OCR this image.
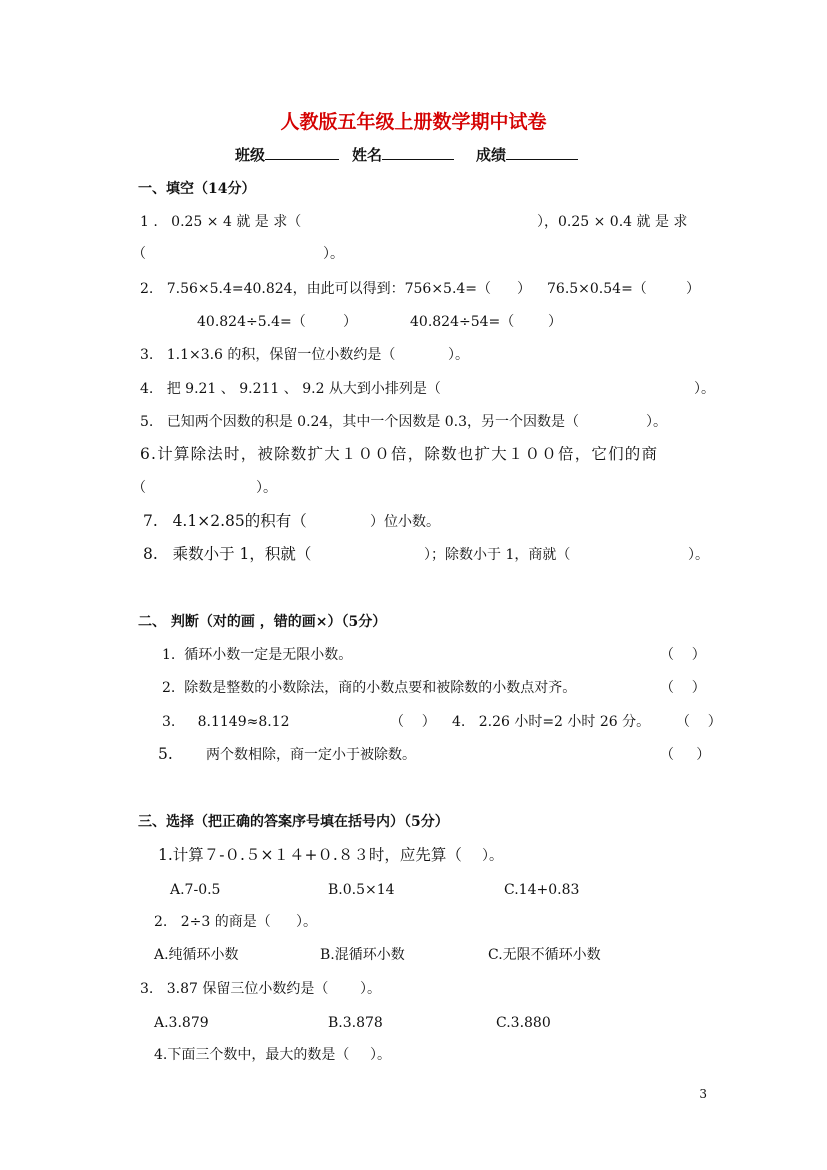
人教版五年级上册数学期中试卷
班级	姓名	成绩
一、填空（14分）
1 .   0.25 × 4 就 是 求（	），0.25 × 0.4 就 是 求
（	）。
2.   7.56×5.4=40.824，由此可以得到：756×5.4=（ ） 76.5×0.54=（	）
40.824÷5.4=（	）	40.824÷54=（ ）
3.   1.1×3.6 的积，保留一位小数约是（	）。
4.   把 9.21 、 9.211 、 9.2 从大到小排列是（	）。
5.   已知两个因数的积是 0.24，其中一个因数是 0.3，另一个因数是（	）。
6.计算除法时，被除数扩大１００倍，除数也扩大１００倍，它们的商
（	）。
7.   4.1×2.85的积有（	）位小数。
8.   乘数小于 1，积就（	）；除数小于 1，商就（	）。
二、 判断（对的画 ，错的画×）（5分）
1.  循环小数一定是无限小数。	（    ）
2.  除数是整数的小数除法，商的小数点要和被除数的小数点对齐。	（    ）
3.     8.1149≈8.12	（    ） 4.   2.26 小时=2 小时 26 分。 （    ）
5. 两个数相除，商一定小于被除数。	（     ）
三、选择（把正确的答案序号填在括号内）（5分）
1.计算７-０.５×１４+０.８３时，应先算（ ）。
A.7-0.5	B.0.5×14	C.14+0.83
2.   2÷3 的商是（ ）。
A.纯循环小数	B.混循环小数	C.无限不循环小数
3.   3.87 保留三位小数约是（ ）。
A.3.879	B.3.878	C.3.880
4.下面三个数中，最大的数是（ ）。
3
